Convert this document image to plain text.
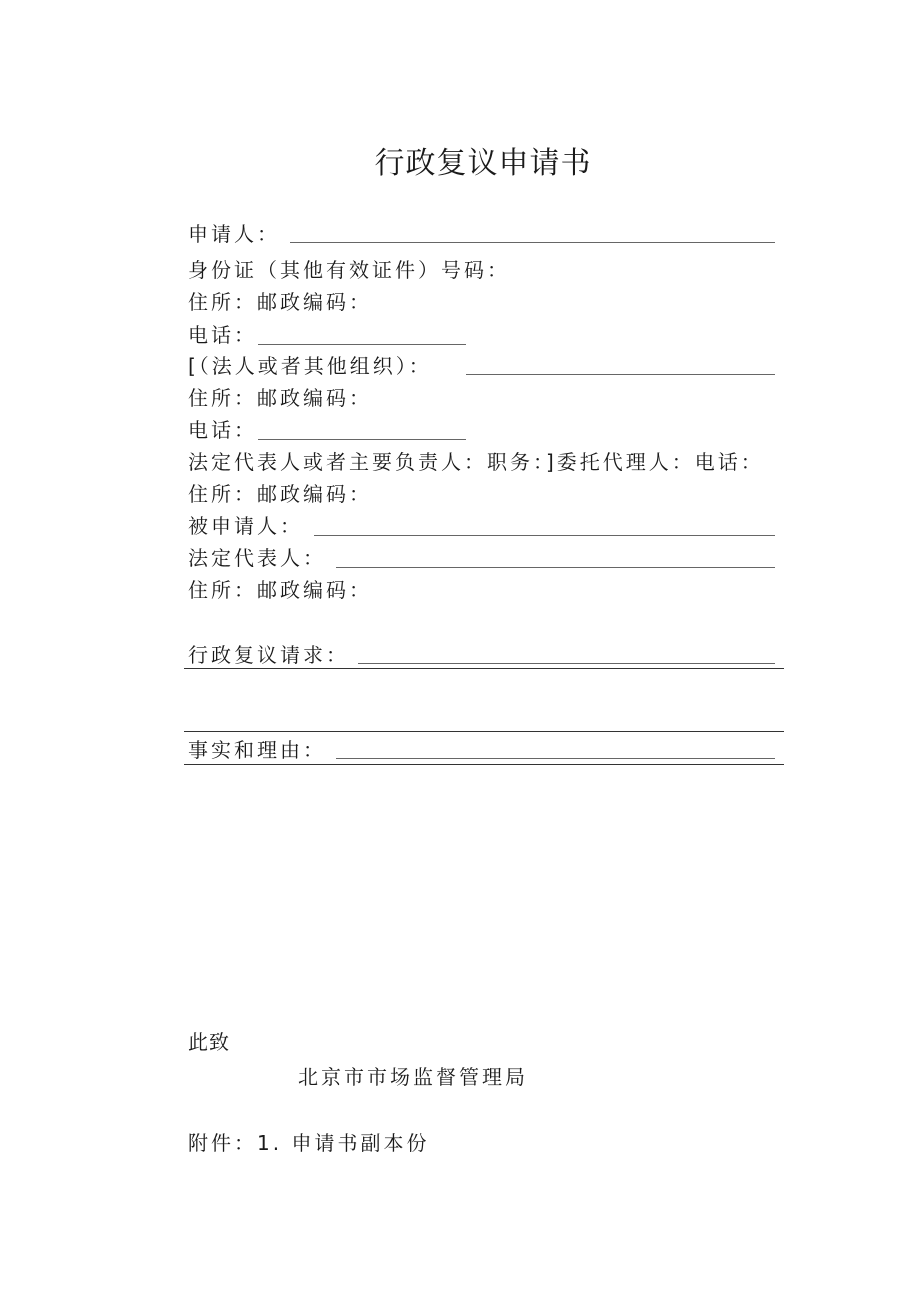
行政复议申请书
申请人：
身份证（其他有效证件）号码：
住所：邮政编码：
电话：
[（法人或者其他组织）：
住所：邮政编码：
电话：
法定代表人或者主要负责人：职务：]委托代理人：电话：
住所：邮政编码：
被申请人：
法定代表人：
住所：邮政编码：
行政复议请求：
事实和理由：
此致
北京市市场监督管理局
附件：1. 申请书副本份
